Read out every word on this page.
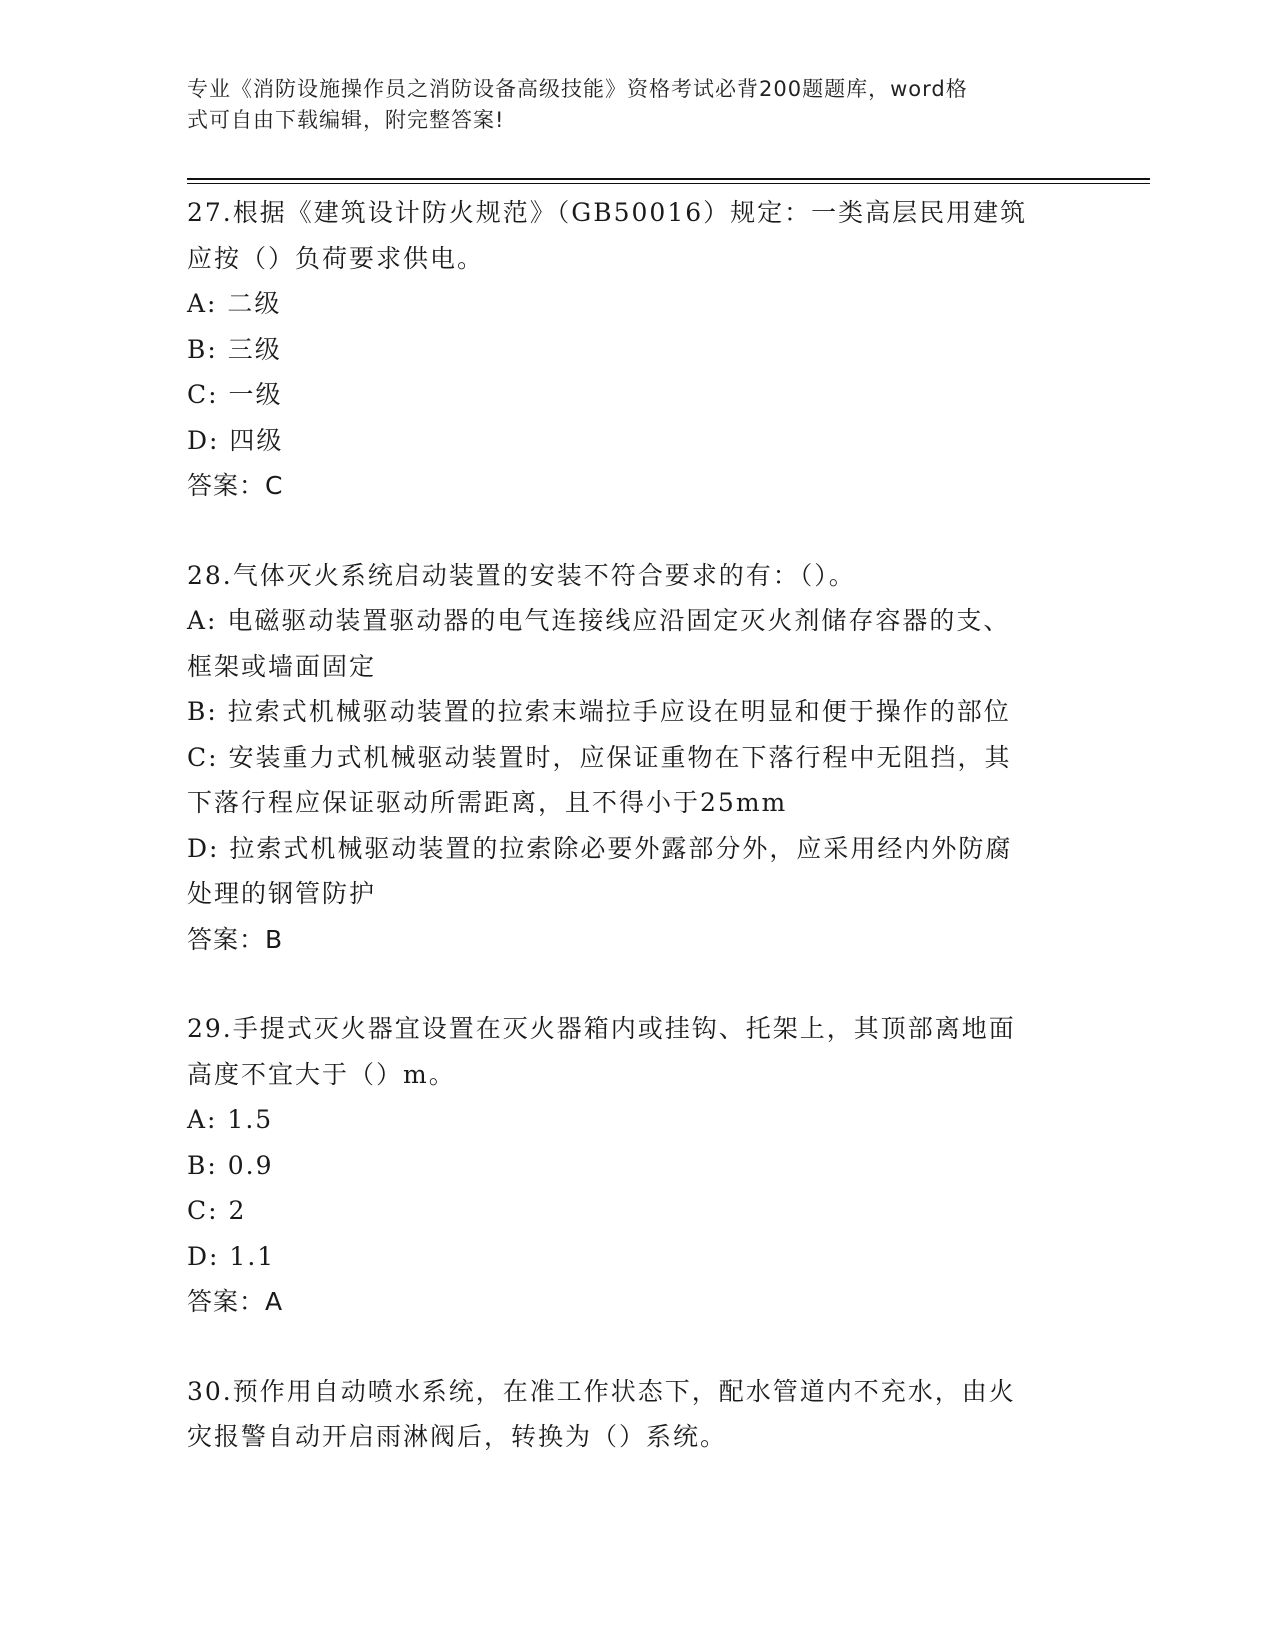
专业《消防设施操作员之消防设备高级技能》资格考试必背200题题库，word格
式可自由下载编辑，附完整答案!
27.根据《建筑设计防火规范》（GB50016）规定：一类高层民用建筑
应按（）负荷要求供电。
A: 二级
B: 三级
C: 一级
D: 四级
答案：C
28.气体灭火系统启动装置的安装不符合要求的有：（）。
A: 电磁驱动装置驱动器的电气连接线应沿固定灭火剂储存容器的支、
框架或墙面固定
B: 拉索式机械驱动装置的拉索末端拉手应设在明显和便于操作的部位
C: 安装重力式机械驱动装置时，应保证重物在下落行程中无阻挡，其
下落行程应保证驱动所需距离，且不得小于25mm
D: 拉索式机械驱动装置的拉索除必要外露部分外，应采用经内外防腐
处理的钢管防护
答案：B
29.手提式灭火器宜设置在灭火器箱内或挂钩、托架上，其顶部离地面
高度不宜大于（）m。
A: 1.5
B: 0.9
C: 2
D: 1.1
答案：A
30.预作用自动喷水系统，在准工作状态下，配水管道内不充水，由火
灾报警自动开启雨淋阀后，转换为（）系统。
